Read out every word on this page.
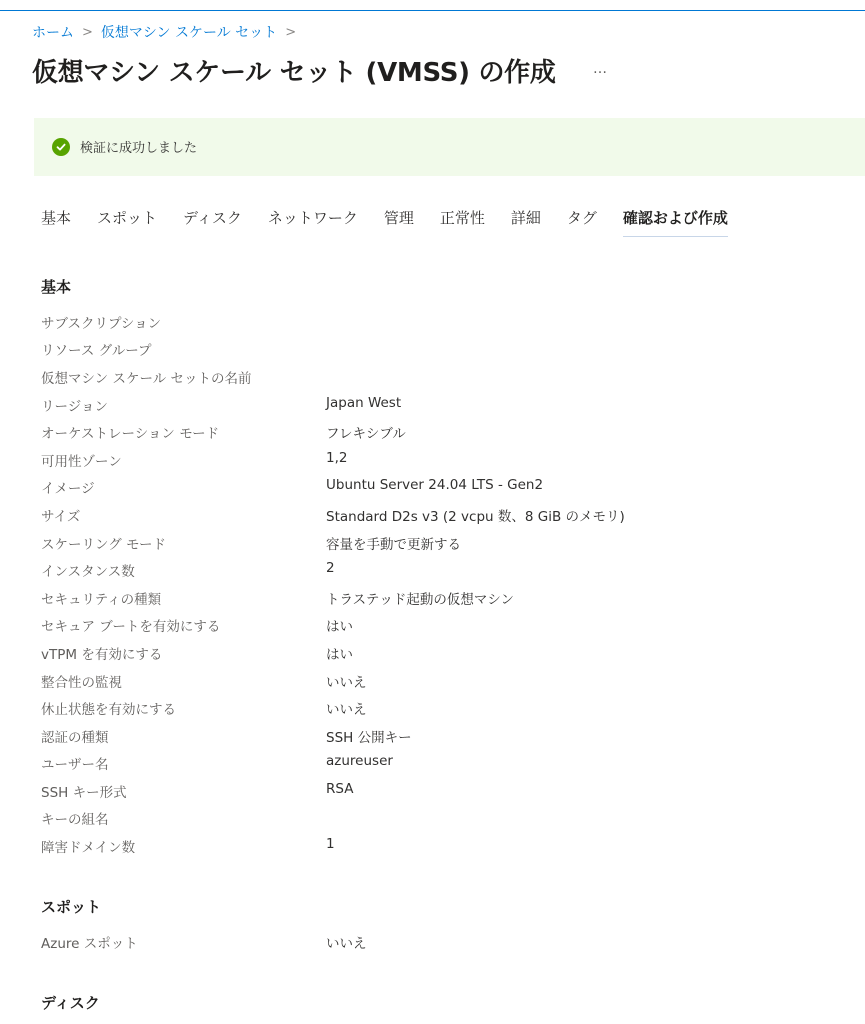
ホーム > 仮想マシン スケール セット >
仮想マシン スケール セット (VMSS) の作成	…
検証に成功しました
基本 スポット ディスク ネットワーク 管理 正常性 詳細 タグ 確認および作成
基本
サブスクリプション
リソース グループ
仮想マシン スケール セットの名前
リージョン	Japan West
オーケストレーション モード	フレキシブル
可用性ゾーン	1,2
イメージ	Ubuntu Server 24.04 LTS - Gen2
サイズ	Standard D2s v3 (2 vcpu 数、8 GiB のメモリ)
スケーリング モード	容量を手動で更新する
インスタンス数	2
セキュリティの種類	トラステッド起動の仮想マシン
セキュア ブートを有効にする	はい
vTPM を有効にする	はい
整合性の監視	いいえ
休止状態を有効にする	いいえ
認証の種類	SSH 公開キー
ユーザー名	azureuser
SSH キー形式	RSA
キーの組名
障害ドメイン数	1
スポット
Azure スポット	いいえ
ディスク
